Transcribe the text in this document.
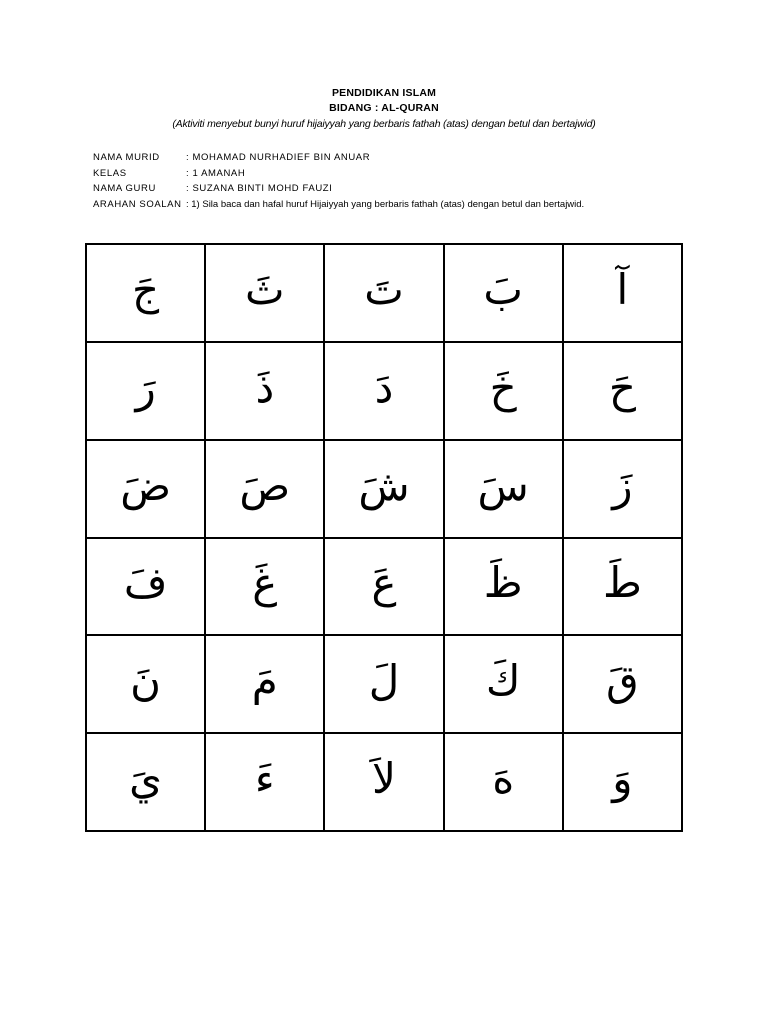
PENDIDIKAN ISLAM
BIDANG : AL-QURAN
(Aktiviti menyebut bunyi huruf hijaiyyah yang berbaris fathah (atas) dengan betul dan bertajwid)
NAMA MURID	: MOHAMAD NURHADIEF BIN ANUAR
KELAS	: 1 AMANAH
NAMA GURU	: SUZANA BINTI MOHD FAUZI
ARAHAN SOALAN : 1) Sila baca dan hafal huruf Hijaiyyah yang berbaris fathah (atas) dengan betul dan bertajwid.
جَ ثَ تَ بَ آ
رَ ذَ دَ خَ حَ
ضَ صَ شَ سَ زَ
فَ غَ عَ ظَ طَ
نَ مَ لَ كَ قَ
يَ ءَ لاَ هَ وَ
